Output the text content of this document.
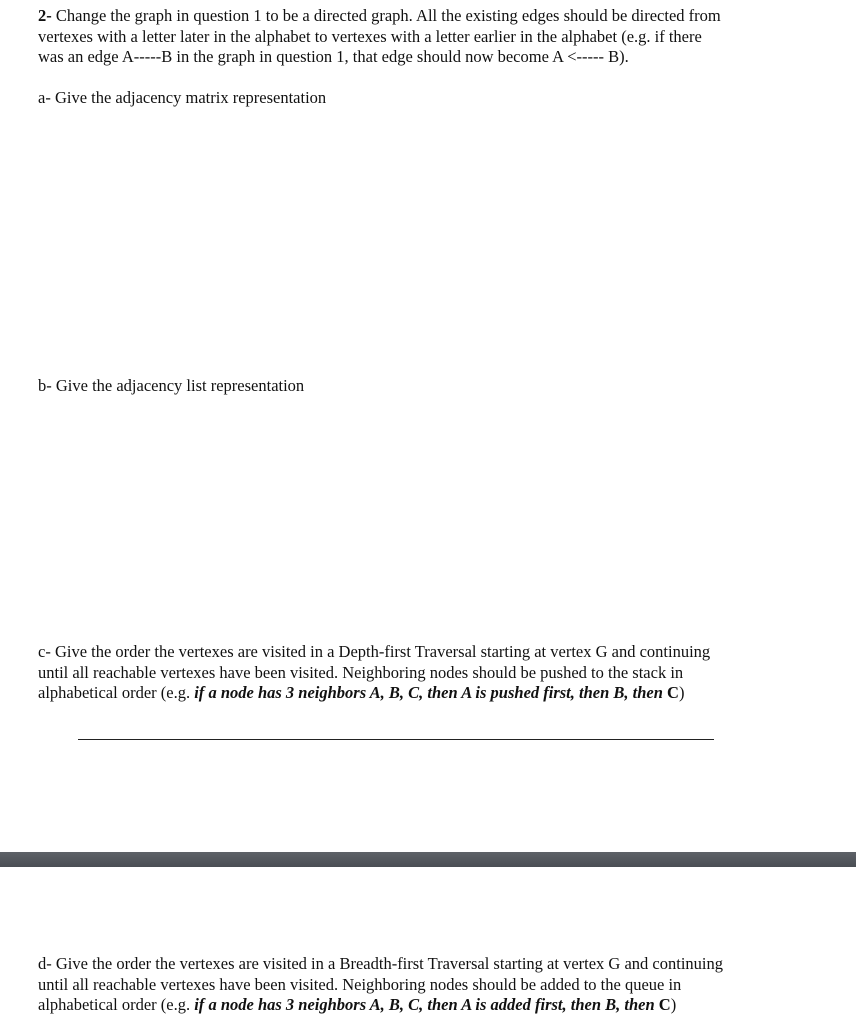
2- Change the graph in question 1 to be a directed graph. All the existing edges should be directed from
vertexes with a letter later in the alphabet to vertexes with a letter earlier in the alphabet (e.g. if there
was an edge A-----B in the graph in question 1, that edge should now become A <----- B).
a- Give the adjacency matrix representation
b- Give the adjacency list representation
c- Give the order the vertexes are visited in a Depth-first Traversal starting at vertex G and continuing
until all reachable vertexes have been visited. Neighboring nodes should be pushed to the stack in
alphabetical order (e.g. if a node has 3 neighbors A, B, C, then A is pushed first, then B, then C)
d- Give the order the vertexes are visited in a Breadth-first Traversal starting at vertex G and continuing
until all reachable vertexes have been visited. Neighboring nodes should be added to the queue in
alphabetical order (e.g. if a node has 3 neighbors A, B, C, then A is added first, then B, then C)
